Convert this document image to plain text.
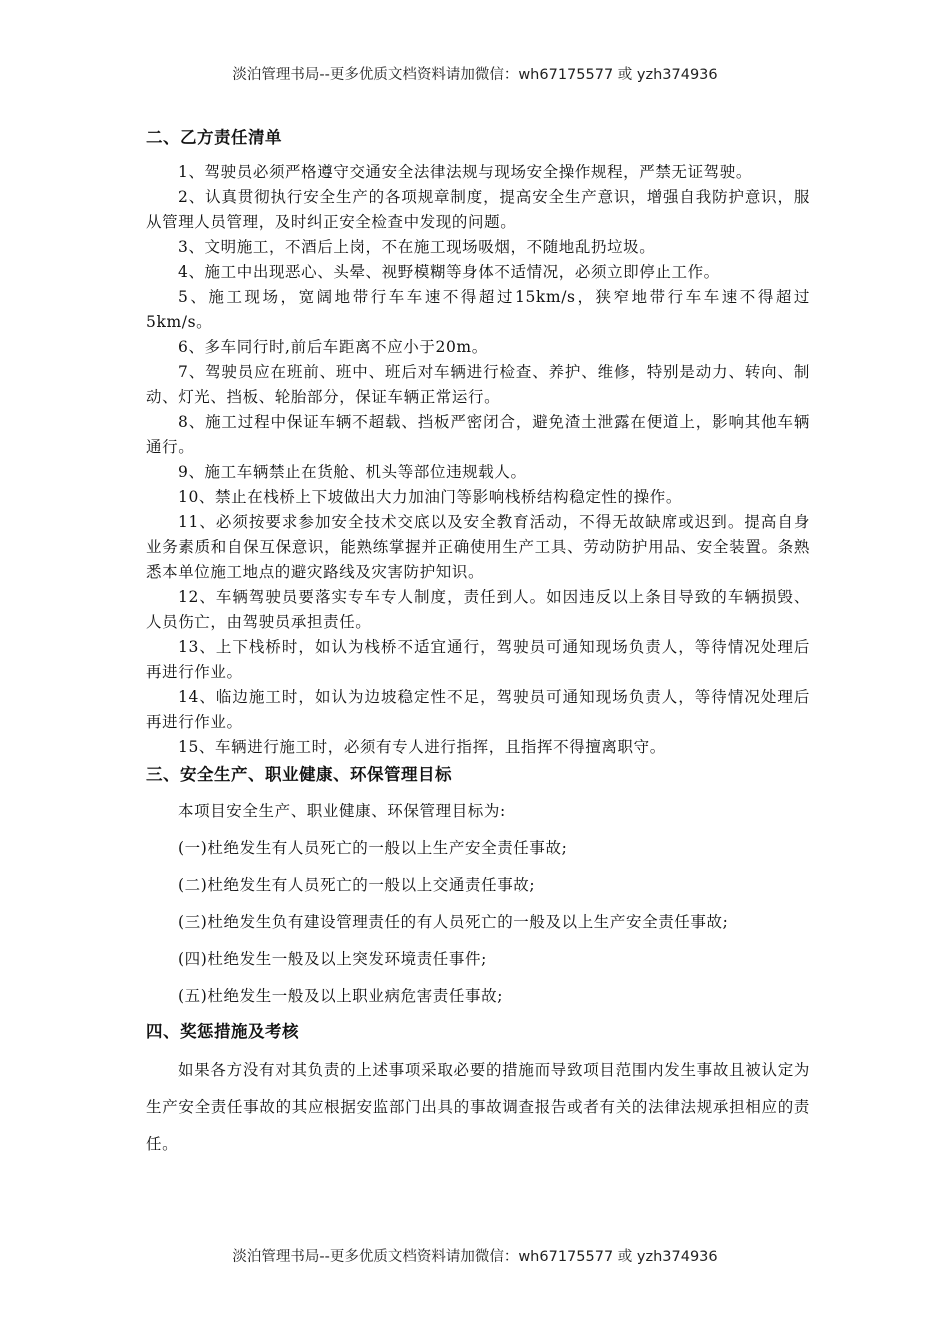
淡泊管理书局--更多优质文档资料请加微信：wh67175577 或 yzh374936
二、乙方责任清单

1、驾驶员必须严格遵守交通安全法律法规与现场安全操作规程，严禁无证驾驶。

2、认真贯彻执行安全生产的各项规章制度，提高安全生产意识，增强自我防护意识，服从管理人员管理，及时纠正安全检查中发现的问题。

3、文明施工，不酒后上岗，不在施工现场吸烟，不随地乱扔垃圾。

4、施工中出现恶心、头晕、视野模糊等身体不适情况，必须立即停止工作。

5、施工现场，宽阔地带行车车速不得超过15km/s，狭窄地带行车车速不得超过5km/s。

6、多车同行时,前后车距离不应小于20m。

7、驾驶员应在班前、班中、班后对车辆进行检查、养护、维修，特别是动力、转向、制动、灯光、挡板、轮胎部分，保证车辆正常运行。

8、施工过程中保证车辆不超载、挡板严密闭合，避免渣土泄露在便道上，影响其他车辆通行。

9、施工车辆禁止在货舱、机头等部位违规载人。

10、禁止在栈桥上下坡做出大力加油门等影响栈桥结构稳定性的操作。

11、必须按要求参加安全技术交底以及安全教育活动，不得无故缺席或迟到。提高自身业务素质和自保互保意识，能熟练掌握并正确使用生产工具、劳动防护用品、安全装置。条熟悉本单位施工地点的避灾路线及灾害防护知识。

12、车辆驾驶员要落实专车专人制度，责任到人。如因违反以上条目导致的车辆损毁、人员伤亡，由驾驶员承担责任。

13、上下栈桥时，如认为栈桥不适宜通行，驾驶员可通知现场负责人，等待情况处理后再进行作业。

14、临边施工时，如认为边坡稳定性不足，驾驶员可通知现场负责人，等待情况处理后再进行作业。

15、车辆进行施工时，必须有专人进行指挥，且指挥不得擅离职守。

三、安全生产、职业健康、环保管理目标

本项目安全生产、职业健康、环保管理目标为:

(一)杜绝发生有人员死亡的一般以上生产安全责任事故;

(二)杜绝发生有人员死亡的一般以上交通责任事故;

(三)杜绝发生负有建设管理责任的有人员死亡的一般及以上生产安全责任事故;

(四)杜绝发生一般及以上突发环境责任事件;

(五)杜绝发生一般及以上职业病危害责任事故;

四、奖惩措施及考核

如果各方没有对其负责的上述事项采取必要的措施而导致项目范围内发生事故且被认定为生产安全责任事故的其应根据安监部门出具的事故调查报告或者有关的法律法规承担相应的责任。

淡泊管理书局--更多优质文档资料请加微信：wh67175577 或 yzh374936
